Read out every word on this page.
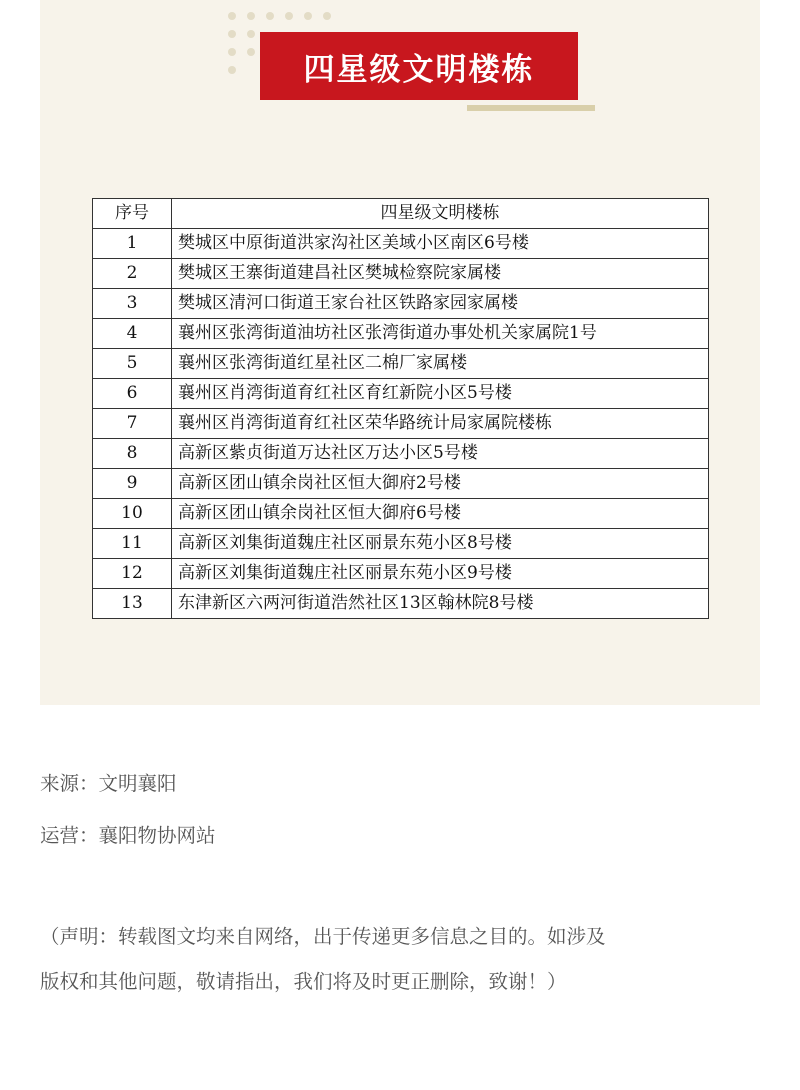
四星级文明楼栋
序号	四星级文明楼栋
1	樊城区中原街道洪家沟社区美域小区南区6号楼
2	樊城区王寨街道建昌社区樊城检察院家属楼
3	樊城区清河口街道王家台社区铁路家园家属楼
4	襄州区张湾街道油坊社区张湾街道办事处机关家属院1号
5	襄州区张湾街道红星社区二棉厂家属楼
6	襄州区肖湾街道育红社区育红新院小区5号楼
7	襄州区肖湾街道育红社区荣华路统计局家属院楼栋
8	高新区紫贞街道万达社区万达小区5号楼
9	高新区团山镇余岗社区恒大御府2号楼
10	高新区团山镇余岗社区恒大御府6号楼
11	高新区刘集街道魏庄社区丽景东苑小区8号楼
12	高新区刘集街道魏庄社区丽景东苑小区9号楼
13	东津新区六两河街道浩然社区13区翰林院8号楼
来源：文明襄阳
运营：襄阳物协网站
（声明：转载图文均来自网络，出于传递更多信息之目的。如涉及
版权和其他问题，敬请指出，我们将及时更正删除，致谢！）
